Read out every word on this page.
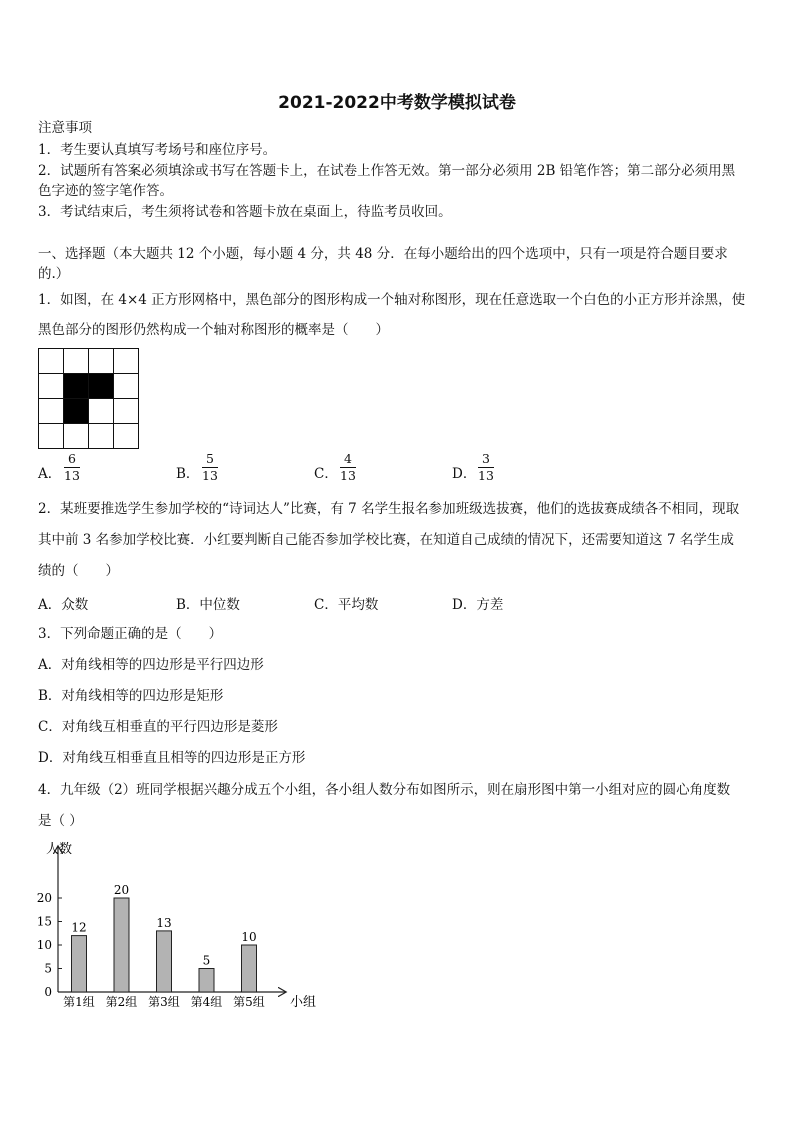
2021-2022中考数学模拟试卷
注意事项
1．考生要认真填写考场号和座位序号。
2．试题所有答案必须填涂或书写在答题卡上，在试卷上作答无效。第一部分必须用 2B 铅笔作答；第二部分必须用黑
色字迹的签字笔作答。
3．考试结束后，考生须将试卷和答题卡放在桌面上，待监考员收回。
一、选择题（本大题共 12 个小题，每小题 4 分，共 48 分．在每小题给出的四个选项中，只有一项是符合题目要求
的.）
1．如图，在 4×4 正方形网格中，黑色部分的图形构成一个轴对称图形，现在任意选取一个白色的小正方形并涂黑，使
黑色部分的图形仍然构成一个轴对称图形的概率是（　　）
A．
6
13	B．
5
13	C．
4
13	D．
3
13
2．某班要推选学生参加学校的“诗词达人”比赛，有 7 名学生报名参加班级选拔赛，他们的选拔赛成绩各不相同，现取
其中前 3 名参加学校比赛．小红要判断自己能否参加学校比赛，在知道自己成绩的情况下，还需要知道这 7 名学生成
绩的（　　）
A．众数	B．中位数	C．平均数	D．方差
3．下列命题正确的是（　　）
A．对角线相等的四边形是平行四边形
B．对角线相等的四边形是矩形
C．对角线互相垂直的平行四边形是菱形
D．对角线互相垂直且相等的四边形是正方形
4．九年级（2）班同学根据兴趣分成五个小组，各小组人数分布如图所示，则在扇形图中第一小组对应的圆心角度数
是（ ）
人数
小组
0
5
10
15
20
12
第1组
20
第2组
13
第3组
5
第4组
10
第5组
